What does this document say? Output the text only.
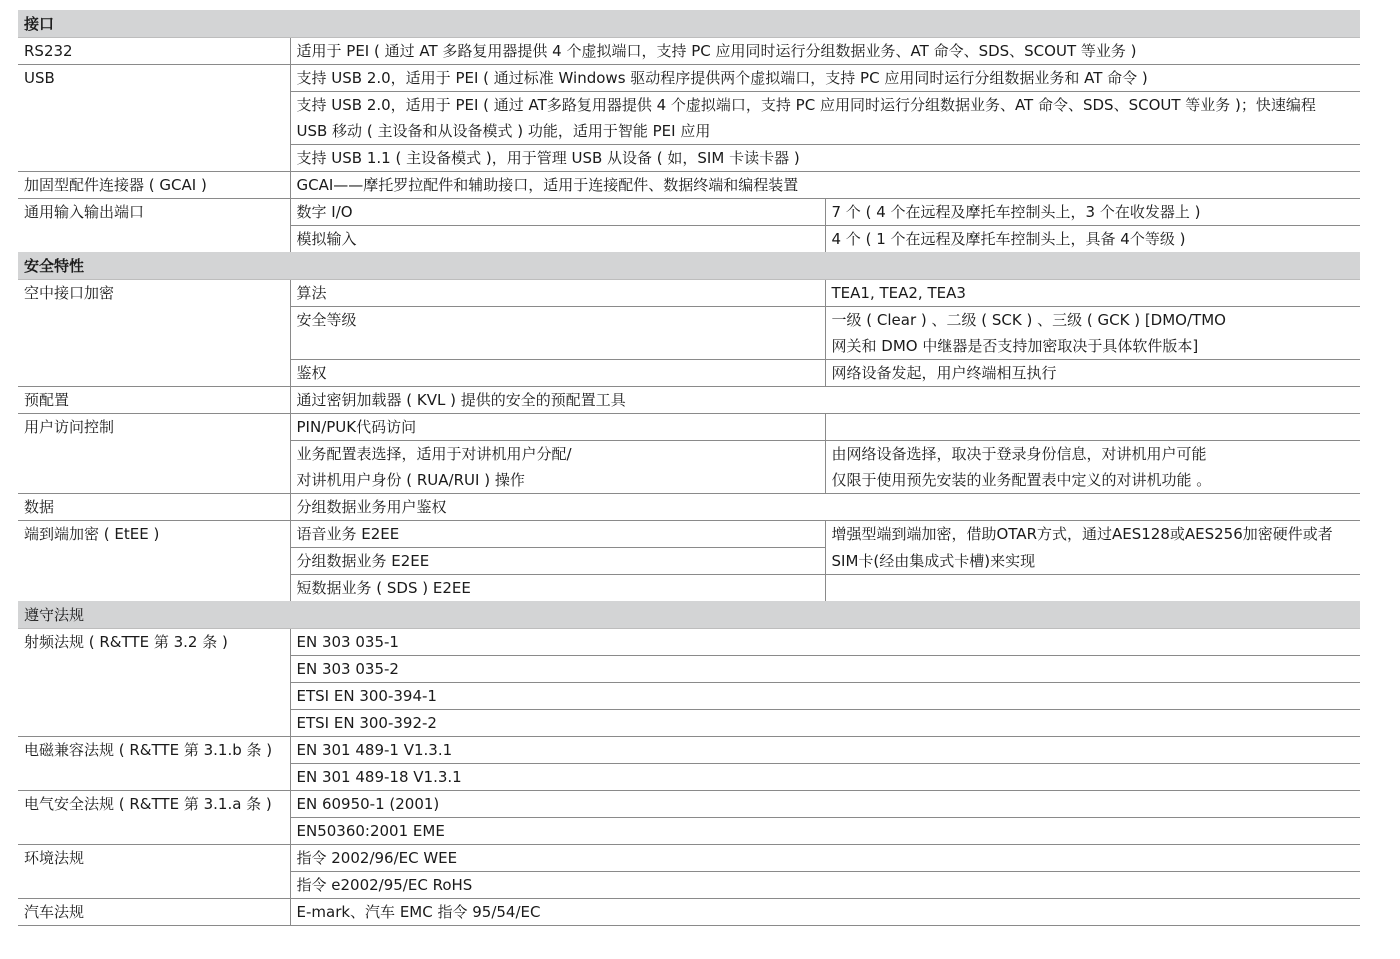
接口		
RS232	适用于 PEI ( 通过 AT 多路复用器提供 4 个虚拟端口，支持 PC 应用同时运行分组数据业务、AT 命令、SDS、SCOUT 等业务 )	
USB	支持 USB 2.0，适用于 PEI ( 通过标准 Windows 驱动程序提供两个虚拟端口，支持 PC 应用同时运行分组数据业务和 AT 命令 )	
	支持 USB 2.0，适用于 PEI ( 通过 AT多路复用器提供 4 个虚拟端口，支持 PC 应用同时运行分组数据业务、AT 命令、SDS、SCOUT 等业务 )；快速编程	
	USB 移动 ( 主设备和从设备模式 ) 功能，适用于智能 PEI 应用	
	支持 USB 1.1 ( 主设备模式 )，用于管理 USB 从设备 ( 如，SIM 卡读卡器 )	
加固型配件连接器 ( GCAI )	GCAI——摩托罗拉配件和辅助接口，适用于连接配件、数据终端和编程装置	
通用输入输出端口	数字 I/O	7 个 ( 4 个在远程及摩托车控制头上，3 个在收发器上 )
	模拟输入	4 个 ( 1 个在远程及摩托车控制头上，具备 4个等级 )
安全特性		
空中接口加密	算法	TEA1, TEA2, TEA3
	安全等级	一级 ( Clear ) 、二级 ( SCK ) 、三级 ( GCK ) [DMO/TMO
		网关和 DMO 中继器是否支持加密取决于具体软件版本]
	鉴权	网络设备发起，用户终端相互执行
预配置	通过密钥加载器 ( KVL ) 提供的安全的预配置工具	
用户访问控制	PIN/PUK代码访问	
	业务配置表选择，适用于对讲机用户分配/	由网络设备选择，取决于登录身份信息，对讲机用户可能
	对讲机用户身份 ( RUA/RUI ) 操作	仅限于使用预先安装的业务配置表中定义的对讲机功能 。
数据	分组数据业务用户鉴权	
端到端加密 ( EtEE )	语音业务 E2EE	增强型端到端加密，借助OTAR方式，通过AES128或AES256加密硬件或者
	分组数据业务 E2EE	SIM卡(经由集成式卡槽)来实现
	短数据业务 ( SDS ) E2EE	
遵守法规		
射频法规 ( R&TTE 第 3.2 条 )	EN 303 035-1	
	EN 303 035-2	
	ETSI EN 300-394-1	
	ETSI EN 300-392-2	
电磁兼容法规 ( R&TTE 第 3.1.b 条 )	EN 301 489-1 V1.3.1	
	EN 301 489-18 V1.3.1	
电气安全法规 ( R&TTE 第 3.1.a 条 )	EN 60950-1 (2001)	
	EN50360:2001 EME	
环境法规	指令 2002/96/EC WEE	
	指令 e2002/95/EC RoHS	
汽车法规	E-mark、汽车 EMC 指令 95/54/EC	
